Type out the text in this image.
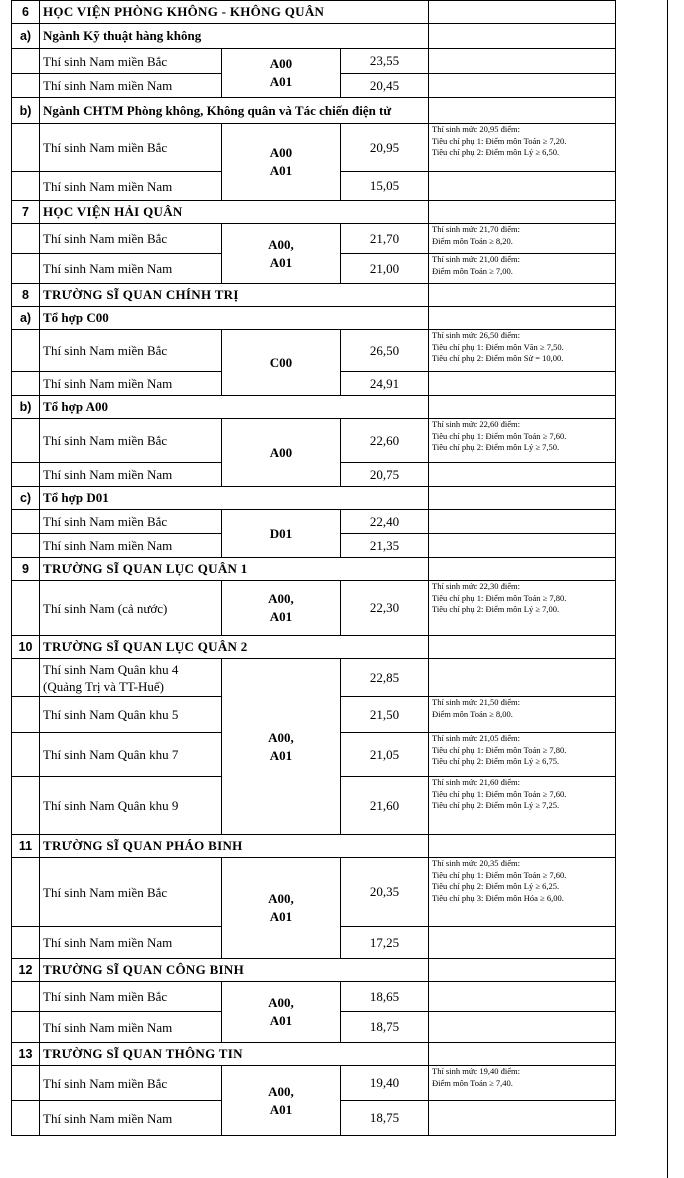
6	HỌC VIỆN PHÒNG KHÔNG - KHÔNG QUÂN			
a)	Ngành Kỹ thuật hàng không			

	Thí sinh Nam miền Bắc	A00
A01	23,55	

	Thí sinh Nam miền Nam		20,45	
b)	Ngành CHTM Phòng không, Không quân và Tác chiến điện tử			

	Thí sinh Nam miền Bắc	A00
A01	20,95	Thí sinh mức 20,95 điểm:
Tiêu chí phụ 1: Điểm môn Toán ≥ 7,20.
Tiêu chí phụ 2: Điểm môn Lý ≥ 6,50.

	Thí sinh Nam miền Nam		15,05	
7	HỌC VIỆN HẢI QUÂN			

	Thí sinh Nam miền Bắc	A00,
A01	21,70	Thí sinh mức 21,70 điểm:
Điểm môn Toán ≥ 8,20.

	Thí sinh Nam miền Nam		21,00	Thí sinh mức 21,00 điểm:
Điểm môn Toán ≥ 7,00.

8	TRƯỜNG SĨ QUAN CHÍNH TRỊ			
a)	Tổ hợp C00			

	Thí sinh Nam miền Bắc	C00	26,50	Thí sinh mức 26,50 điểm:
Tiêu chí phụ 1: Điểm môn Văn ≥ 7,50.
Tiêu chí phụ 2: Điểm môn Sử = 10,00.

	Thí sinh Nam miền Nam		24,91	
b)	Tổ hợp A00			

	Thí sinh Nam miền Bắc	A00	22,60	Thí sinh mức 22,60 điểm:
Tiêu chí phụ 1: Điểm môn Toán ≥ 7,60.
Tiêu chí phụ 2: Điểm môn Lý ≥ 7,50.

	Thí sinh Nam miền Nam		20,75	
c)	Tổ hợp D01			

	Thí sinh Nam miền Bắc	D01	22,40	

	Thí sinh Nam miền Nam		21,35	
9	TRƯỜNG SĨ QUAN LỤC QUÂN 1			

	Thí sinh Nam (cả nước)	A00,
A01	22,30	Thí sinh mức 22,30 điểm:
Tiêu chí phụ 1: Điểm môn Toán ≥ 7,80.
Tiêu chí phụ 2: Điểm môn Lý ≥ 7,00.

10	TRƯỜNG SĨ QUAN LỤC QUÂN 2			

	Thí sinh Nam Quân khu 4
(Quảng Trị và TT-Huế)	A00,
A01	22,85	

	Thí sinh Nam Quân khu 5		21,50	Thí sinh mức 21,50 điểm:
Điểm môn Toán ≥ 8,00.

	Thí sinh Nam Quân khu 7		21,05	Thí sinh mức 21,05 điểm:
Tiêu chí phụ 1: Điểm môn Toán ≥ 7,80.
Tiêu chí phụ 2: Điểm môn Lý ≥ 6,75.

	Thí sinh Nam Quân khu 9		21,60	Thí sinh mức 21,60 điểm:
Tiêu chí phụ 1: Điểm môn Toán ≥ 7,60.
Tiêu chí phụ 2: Điểm môn Lý ≥ 7,25.

11	TRƯỜNG SĨ QUAN PHÁO BINH			

	Thí sinh Nam miền Bắc	A00,
A01	20,35	Thí sinh mức 20,35 điểm:
Tiêu chí phụ 1: Điểm môn Toán ≥ 7,60.
Tiêu chí phụ 2: Điểm môn Lý ≥ 6,25.
Tiêu chí phụ 3: Điểm môn Hóa ≥ 6,00.

	Thí sinh Nam miền Nam		17,25	
12	TRƯỜNG SĨ QUAN CÔNG BINH			

	Thí sinh Nam miền Bắc	A00,
A01	18,65	

	Thí sinh Nam miền Nam		18,75	
13	TRƯỜNG SĨ QUAN THÔNG TIN			

	Thí sinh Nam miền Bắc	A00,
A01	19,40	Thí sinh mức 19,40 điểm:
Điểm môn Toán ≥ 7,40.

	Thí sinh Nam miền Nam		18,75	
